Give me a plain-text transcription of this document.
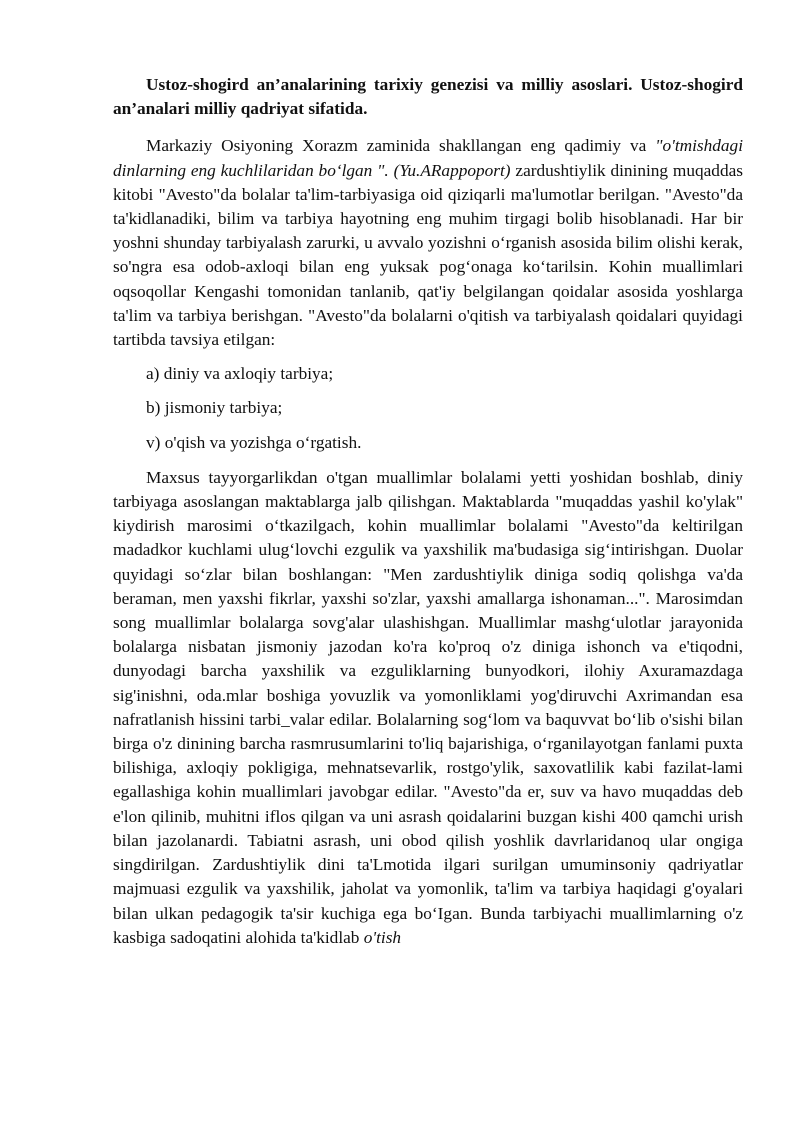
Ustoz-shogird an’analarining tarixiy genezisi va milliy asoslari. Ustoz-shogird an’analari milliy qadriyat sifatida.

Markaziy Osiyoning Xorazm zaminida shakllangan eng qadimiy va "o'tmishdagi dinlarning eng kuchlilaridan bo‘lgan ". (Yu.ARappoport) zardushtiylik dinining muqaddas kitobi "Avesto"da bolalar ta'lim-tarbiyasiga oid qiziqarli ma'lumotlar berilgan. "Avesto"da ta'kidlanadiki, bilim va tarbiya hayotning eng muhim tirgagi bolib hisoblanadi. Har bir yoshni shunday tarbiyalash zarurki, u avvalo yozishni o‘rganish asosida bilim olishi kerak, so'ngra esa odob-axloqi bilan eng yuksak pog‘onaga ko‘tarilsin. Kohin muallimlari oqsoqollar Kengashi tomonidan tanlanib, qat'iy belgilangan qoidalar asosida yoshlarga ta'lim va tarbiya berishgan. "Avesto"da bolalarni o'qitish va tarbiyalash qoidalari quyidagi tartibda tavsiya etilgan:

a) diniy va axloqiy tarbiya;

b) jismoniy tarbiya;

v) o'qish va yozishga o‘rgatish.

Maxsus tayyorgarlikdan o'tgan muallimlar bolalami yetti yoshidan boshlab, diniy tarbiyaga asoslangan maktablarga jalb qilishgan. Maktablarda "muqaddas yashil ko'ylak" kiydirish marosimi o‘tkazilgach, kohin muallimlar bolalami "Avesto"da keltirilgan madadkor kuchlami ulug‘lovchi ezgulik va yaxshilik ma'budasiga sig‘intirishgan. Duolar quyidagi so‘zlar bilan boshlangan: "Men zardushtiylik diniga sodiq qolishga va'da beraman, men yaxshi fikrlar, yaxshi so'zlar, yaxshi amallarga ishonaman...". Marosimdan song muallimlar bolalarga sovg'alar ulashishgan. Muallimlar mashg‘ulotlar jarayonida bolalarga nisbatan jismoniy jazodan ko'ra ko'proq o'z diniga ishonch va e'tiqodni, dunyodagi barcha yaxshilik va ezguliklarning bunyodkori, ilohiy Axuramazdaga sig'inishni, oda.mlar boshiga yovuzlik va yomonliklami yog'diruvchi Axrimandan esa nafratlanish hissini tarbi_valar edilar. Bolalarning sog‘lom va baquvvat bo‘lib o'sishi bilan birga o'z dinining barcha rasmrusumlarini to'liq bajarishiga, o‘rganilayotgan fanlami puxta bilishiga, axloqiy pokligiga, mehnatsevarlik, rostgo'ylik, saxovatlilik kabi fazilat-lami egallashiga kohin muallimlari javobgar edilar. "Avesto"da er, suv va havo muqaddas deb e'lon qilinib, muhitni iflos qilgan va uni asrash qoidalarini buzgan kishi 400 qamchi urish bilan jazolanardi. Tabiatni asrash, uni obod qilish yoshlik davrlaridanoq ular ongiga singdirilgan. Zardushtiylik dini ta'Lmotida ilgari surilgan umuminsoniy qadriyatlar majmuasi ezgulik va yaxshilik, jaholat va yomonlik, ta'lim va tarbiya haqidagi g'oyalari bilan ulkan pedagogik ta'sir kuchiga ega bo‘Igan. Bunda tarbiyachi muallimlarning o'z kasbiga sadoqatini alohida ta'kidlab o'tish
